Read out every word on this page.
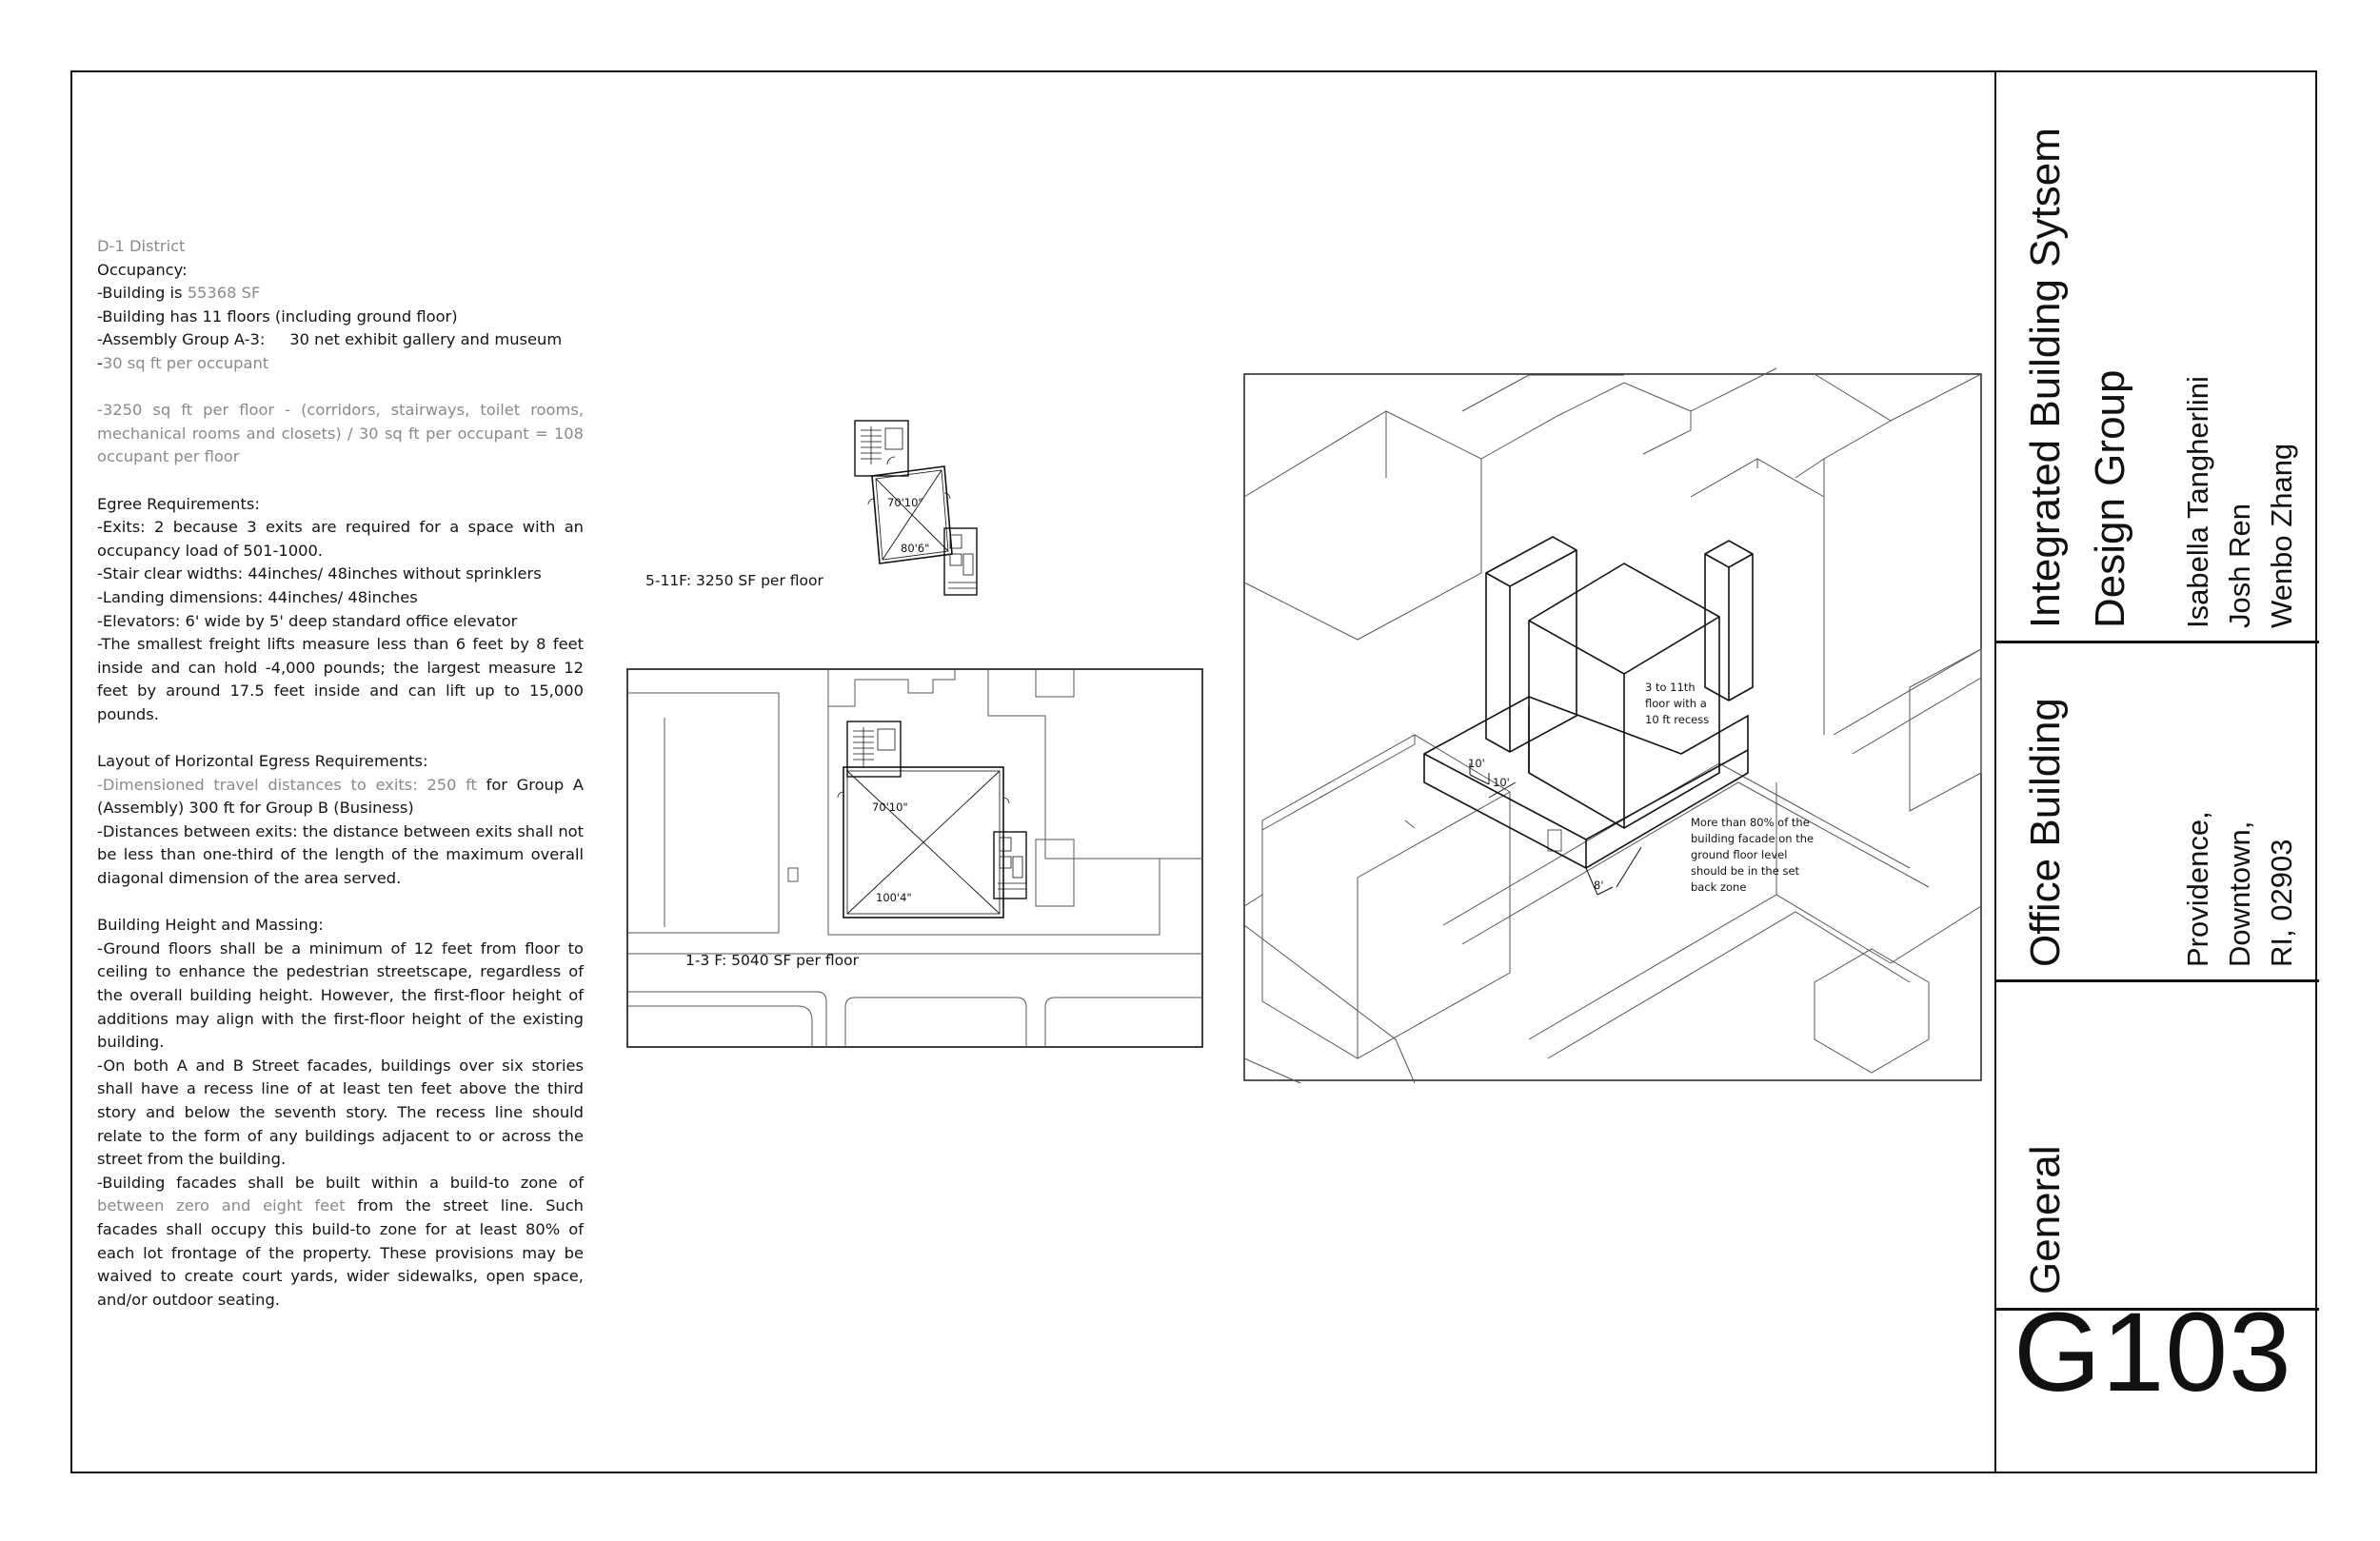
D-1 District

Occupancy:

-Building is 55368 SF

-Building has 11 floors (including ground floor)

-Assembly Group A-3:     30 net exhibit gallery and museum

-30 sq ft per occupant

-3250 sq ft per floor - (corridors, stairways, toilet rooms, mechanical rooms and closets) / 30 sq ft per occupant = 108 occupant per floor

Egree Requirements:

-Exits: 2 because 3 exits are required for a space with an occupancy load of 501-1000.

-Stair clear widths: 44inches/ 48inches without sprinklers

-Landing dimensions: 44inches/ 48inches

-Elevators: 6' wide by 5' deep standard office elevator

-The smallest freight lifts measure less than 6 feet by 8 feet inside and can hold -4,000 pounds; the largest measure 12 feet by around 17.5 feet inside and can lift up to 15,000 pounds.

Layout of Horizontal Egress Requirements:

-Dimensioned travel distances to exits: 250 ft for Group A (Assembly) 300 ft for Group B (Business)

-Distances between exits: the distance between exits shall not be less than one-third of the length of the maximum overall diagonal dimension of the area served.

Building Height and Massing:

-Ground floors shall be a minimum of 12 feet from floor to ceiling to enhance the pedestrian streetscape, regardless of the overall building height. However, the first-floor height of additions may align with the first-floor height of the existing building.

-On both A and B Street facades, buildings over six stories shall have a recess line of at least ten feet above the third story and below the seventh story. The recess line should relate to the form of any buildings adjacent to or across the street from the building.

-Building facades shall be built within a build-to zone of between zero and eight feet from the street line. Such facades shall occupy this build-to zone for at least 80% of each lot frontage of the property. These provisions may be waived to create court yards, wider sidewalks, open space, and/or outdoor seating.

70'10"
80'6"
5-11F: 3250 SF per floor
70'10"
100'4"
1-3 F: 5040 SF per floor
10'
10'
8'
3 to 11th floor with a 10 ft recess
More than 80% of the building facade on the ground floor level should be in the set back zone
Integrated Building Sytsem Design Group Isabella Tangherlini Josh Ren Wenbo Zhang
Office Building	Providence, Downtown, RI, 02903
General
G103
